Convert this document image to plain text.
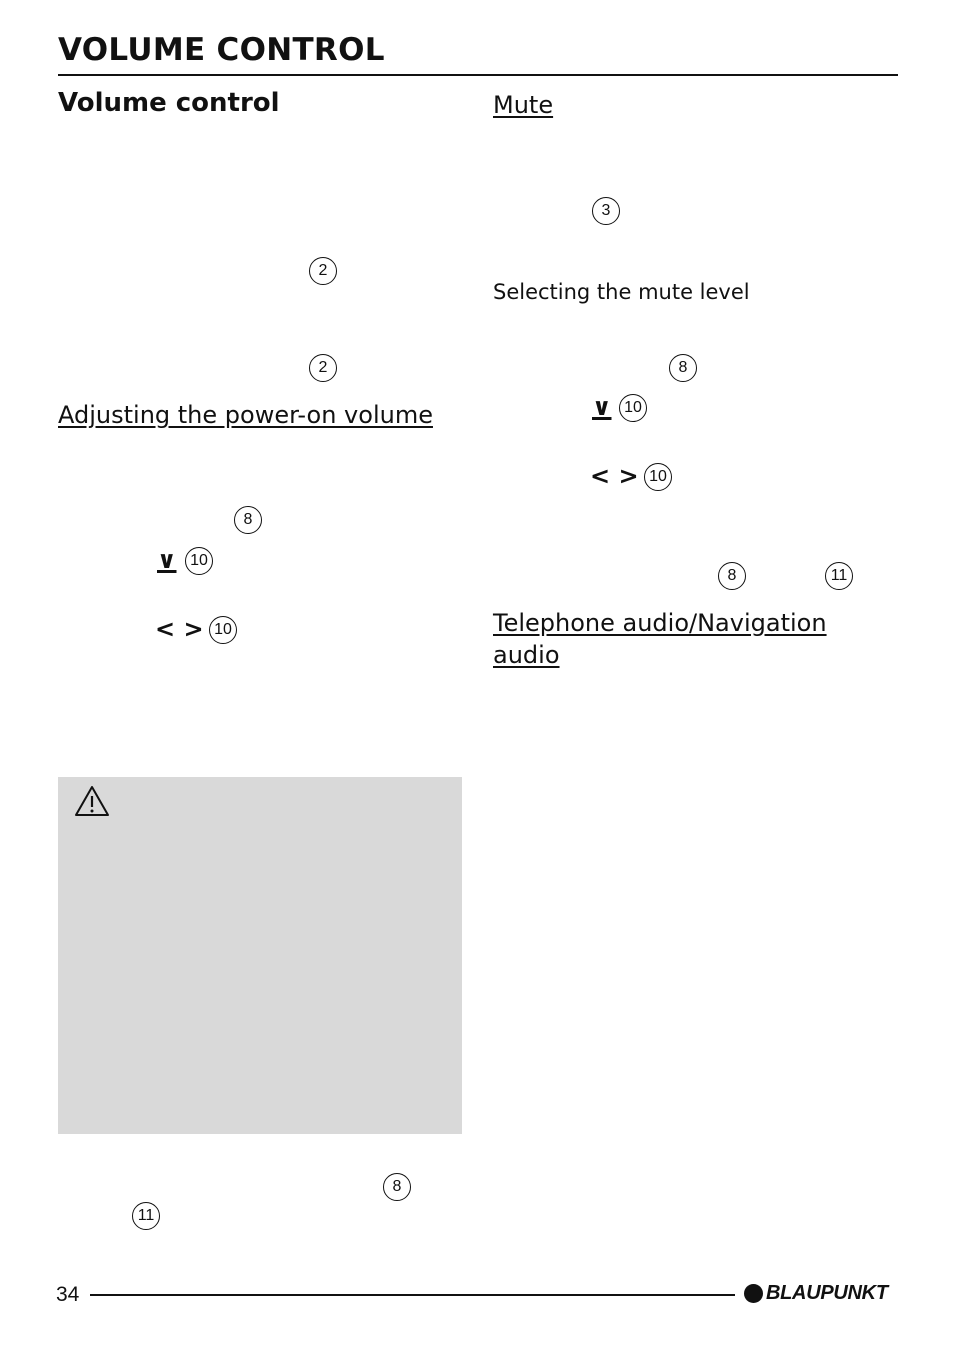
VOLUME CONTROL
Volume control
2
2
Adjusting the power-on volume
8
∨ 10
< > 10
8
11
Mute
3
Selecting the mute level
8
∨ 10
< > 10
8	11
Telephone audio/Navigation audio
34	BLAUPUNKT
